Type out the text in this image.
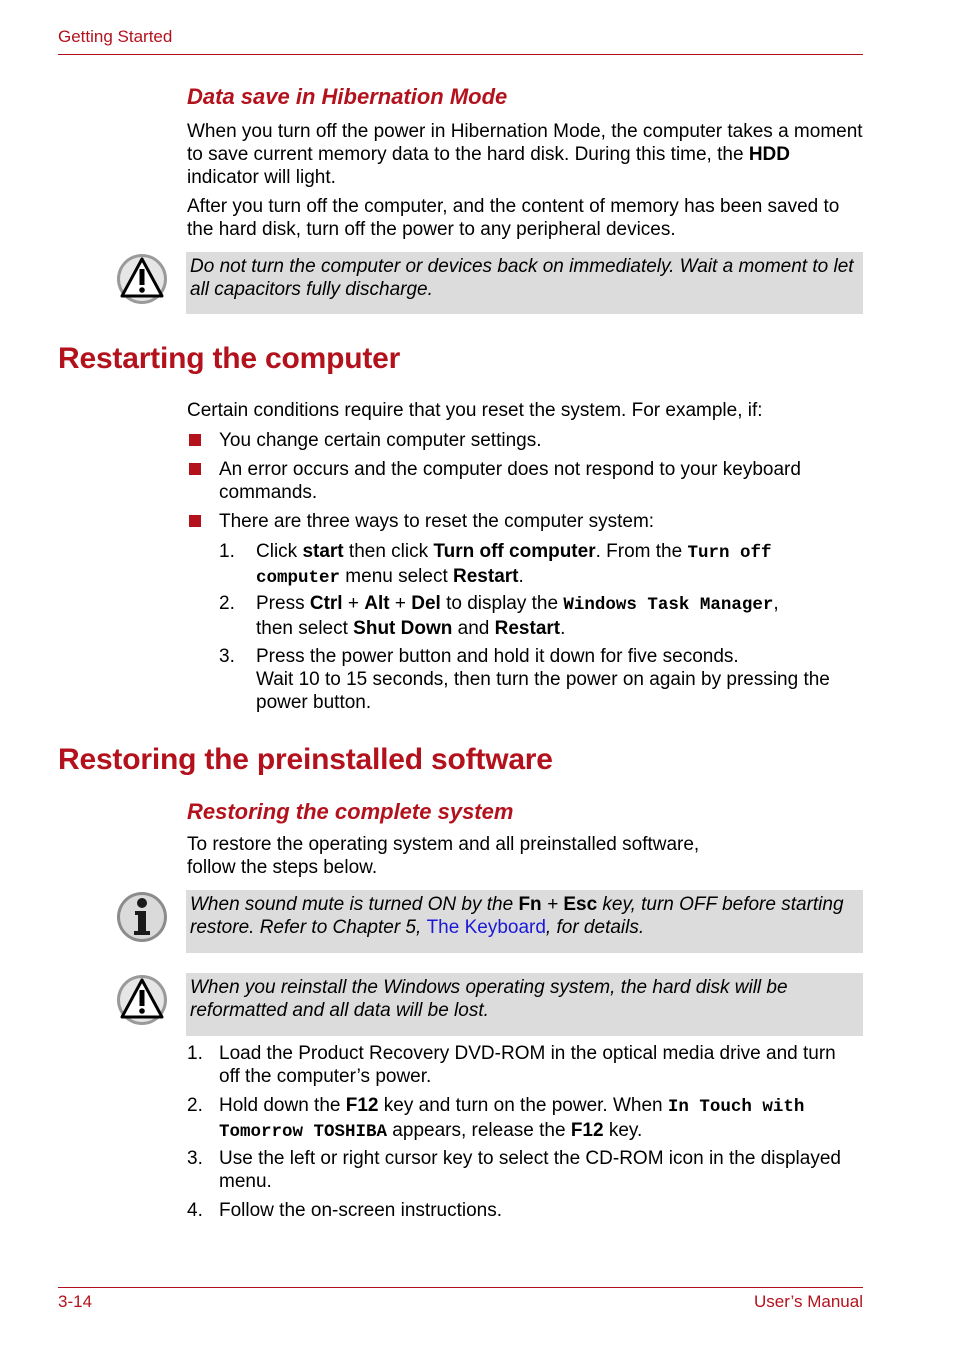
Getting Started
Data save in Hibernation Mode
When you turn off the power in Hibernation Mode, the computer takes a moment to save current memory data to the hard disk. During this time, the HDD indicator will light.
After you turn off the computer, and the content of memory has been saved to the hard disk, turn off the power to any peripheral devices.
Do not turn the computer or devices back on immediately. Wait a moment to let all capacitors fully discharge.
Restarting the computer
Certain conditions require that you reset the system. For example, if:
You change certain computer settings.
An error occurs and the computer does not respond to your keyboard commands.
There are three ways to reset the computer system:
1. Click start then click Turn off computer. From the Turn off
computer menu select Restart.
2. Press Ctrl + Alt + Del to display the Windows Task Manager,
then select Shut Down and Restart.
3. Press the power button and hold it down for five seconds.
Wait 10 to 15 seconds, then turn the power on again by pressing the power button.
Restoring the preinstalled software
Restoring the complete system
To restore the operating system and all preinstalled software,
follow the steps below.
When sound mute is turned ON by the Fn + Esc key, turn OFF before starting restore. Refer to Chapter 5, The Keyboard, for details.
When you reinstall the Windows operating system, the hard disk will be reformatted and all data will be lost.
1. Load the Product Recovery DVD-ROM in the optical media drive and turn off the computer’s power.
2. Hold down the F12 key and turn on the power. When In Touch with
Tomorrow TOSHIBA appears, release the F12 key.
3. Use the left or right cursor key to select the CD-ROM icon in the displayed menu.
4. Follow the on-screen instructions.
3-14	User’s Manual
